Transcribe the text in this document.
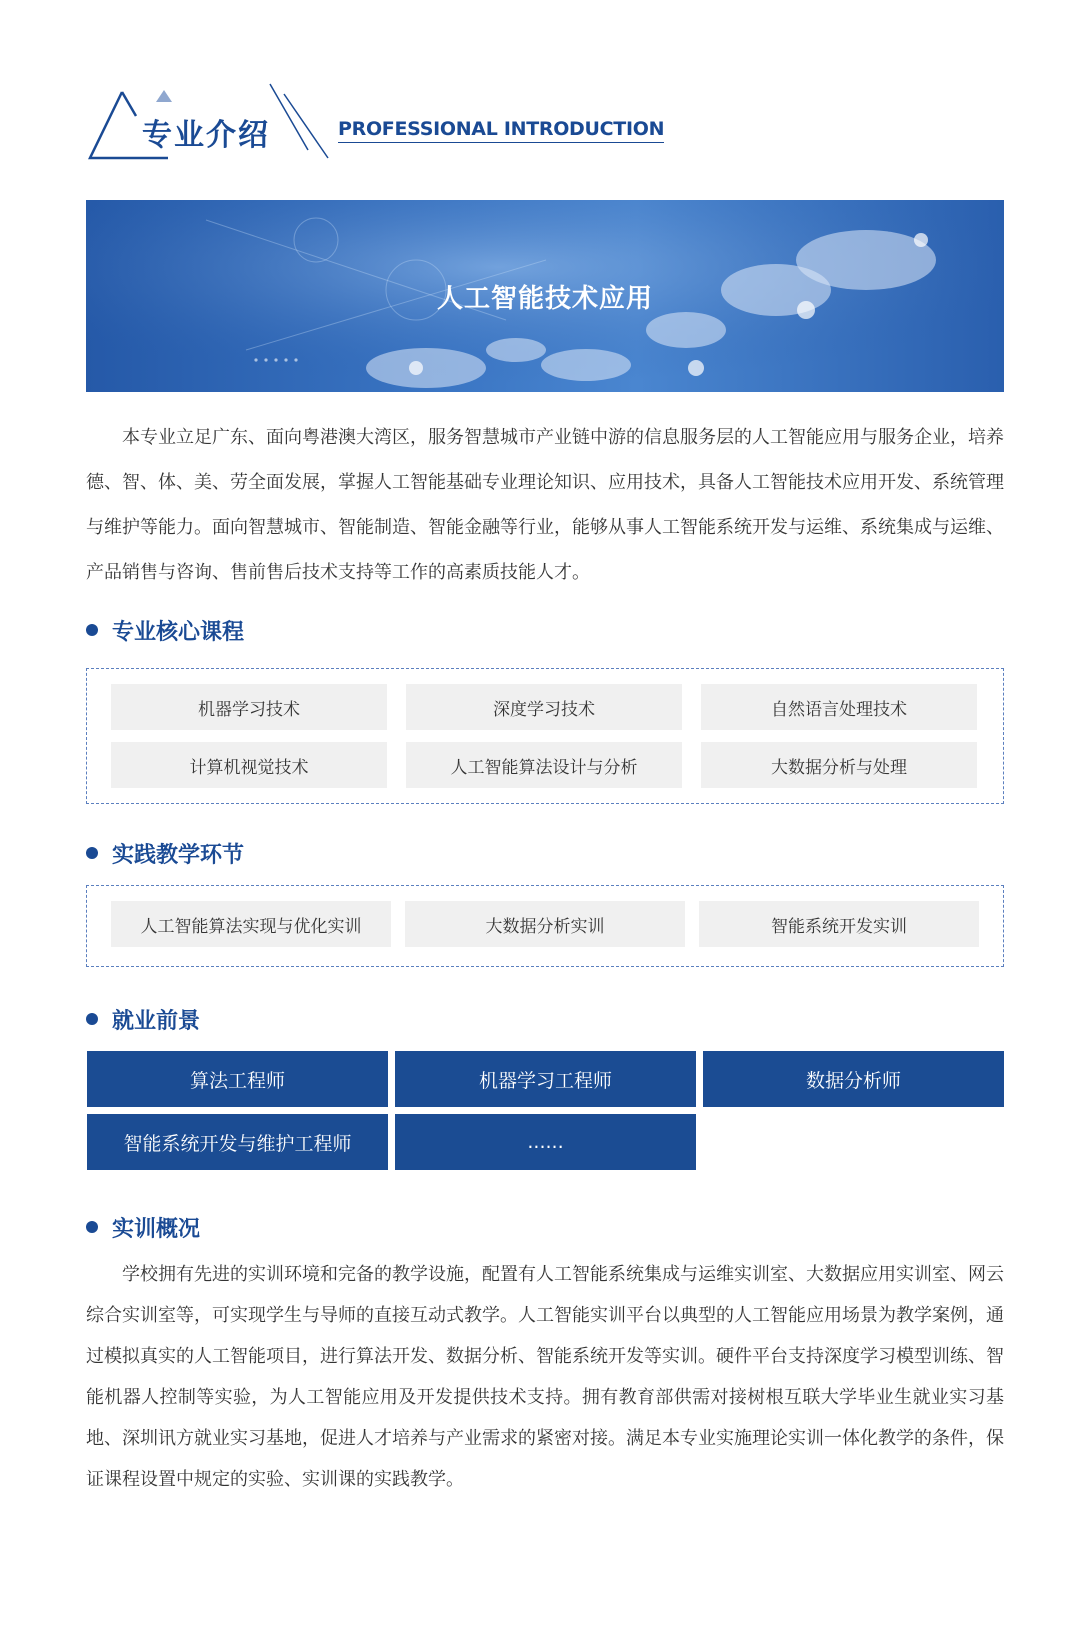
专业介绍	PROFESSIONAL INTRODUCTION
人工智能技术应用

本专业立足广东、面向粤港澳大湾区，服务智慧城市产业链中游的信息服务层的人工智能应用与服务企业，培养德、智、体、美、劳全面发展，掌握人工智能基础专业理论知识、应用技术，具备人工智能技术应用开发、系统管理与维护等能力。面向智慧城市、智能制造、智能金融等行业，能够从事人工智能系统开发与运维、系统集成与运维、产品销售与咨询、售前售后技术支持等工作的高素质技能人才。

专业核心课程
机器学习技术	深度学习技术	自然语言处理技术
计算机视觉技术	人工智能算法设计与分析	大数据分析与处理
实践教学环节
人工智能算法实现与优化实训	大数据分析实训	智能系统开发实训
就业前景
算法工程师	机器学习工程师	数据分析师
智能系统开发与维护工程师	......
实训概况

学校拥有先进的实训环境和完备的教学设施，配置有人工智能系统集成与运维实训室、大数据应用实训室、网云综合实训室等，可实现学生与导师的直接互动式教学。人工智能实训平台以典型的人工智能应用场景为教学案例，通过模拟真实的人工智能项目，进行算法开发、数据分析、智能系统开发等实训。硬件平台支持深度学习模型训练、智能机器人控制等实验，为人工智能应用及开发提供技术支持。拥有教育部供需对接树根互联大学毕业生就业实习基地、深圳讯方就业实习基地，促进人才培养与产业需求的紧密对接。满足本专业实施理论实训一体化教学的条件，保证课程设置中规定的实验、实训课的实践教学。
